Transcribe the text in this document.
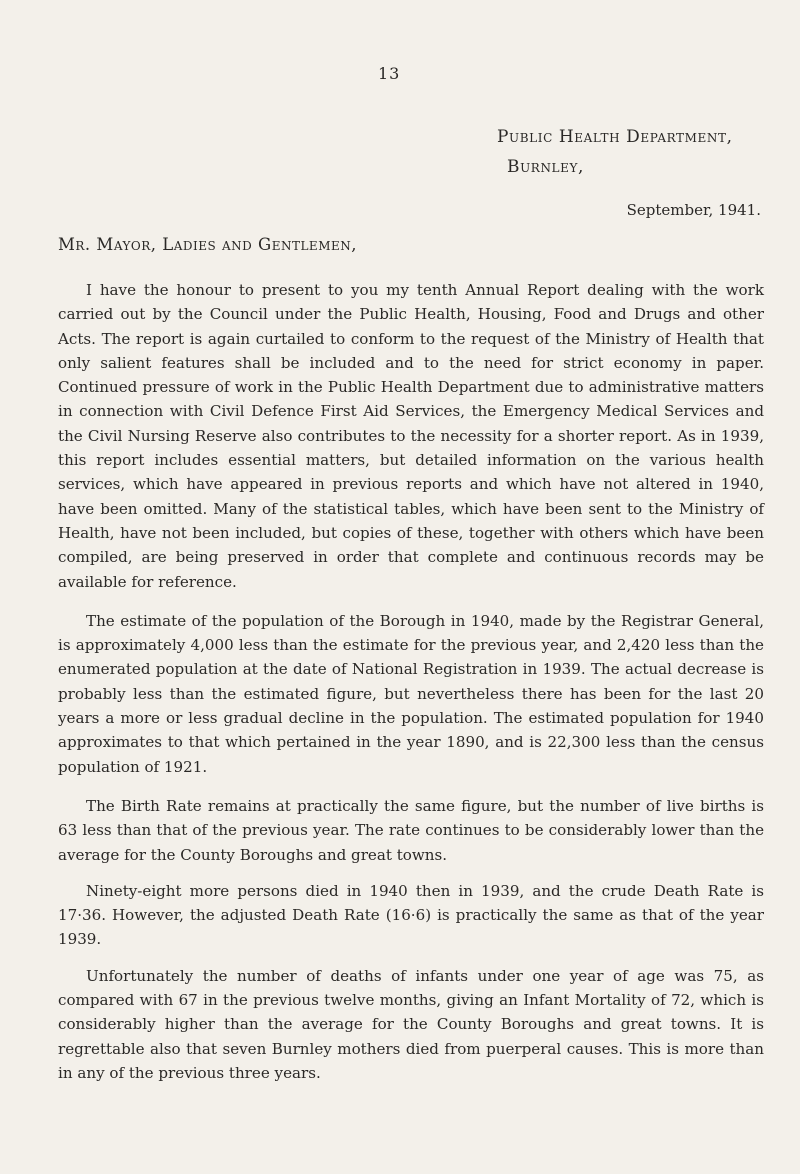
13
Public Health Department,
Burnley,
September, 1941.
Mr. Mayor, Ladies and Gentlemen,

I have the honour to present to you my tenth Annual Report dealing with the work carried out by the Council under the Public Health, Housing, Food and Drugs and other Acts. The report is again curtailed to conform to the request of the Ministry of Health that only salient features shall be included and to the need for strict economy in paper. Continued pressure of work in the Public Health Department due to administrative matters in connection with Civil Defence First Aid Services, the Emergency Medical Services and the Civil Nursing Reserve also contributes to the necessity for a shorter report. As in 1939, this report includes essential matters, but detailed information on the various health services, which have appeared in previous reports and which have not altered in 1940, have been omitted. Many of the statistical tables, which have been sent to the Ministry of Health, have not been included, but copies of these, together with others which have been compiled, are being preserved in order that complete and continuous records may be available for reference.

The estimate of the population of the Borough in 1940, made by the Registrar General, is approximately 4,000 less than the estimate for the previous year, and 2,420 less than the enumerated population at the date of National Registration in 1939. The actual decrease is probably less than the estimated figure, but nevertheless there has been for the last 20 years a more or less gradual decline in the population. The estimated population for 1940 approximates to that which pertained in the year 1890, and is 22,300 less than the census population of 1921.

The Birth Rate remains at practically the same figure, but the number of live births is 63 less than that of the previous year. The rate continues to be considerably lower than the average for the County Boroughs and great towns.

Ninety-eight more persons died in 1940 then in 1939, and the crude Death Rate is 17·36. However, the adjusted Death Rate (16·6) is practically the same as that of the year 1939.

Unfortunately the number of deaths of infants under one year of age was 75, as compared with 67 in the previous twelve months, giving an Infant Mortality of 72, which is considerably higher than the average for the County Boroughs and great towns. It is regrettable also that seven Burnley mothers died from puerperal causes. This is more than in any of the previous three years.
